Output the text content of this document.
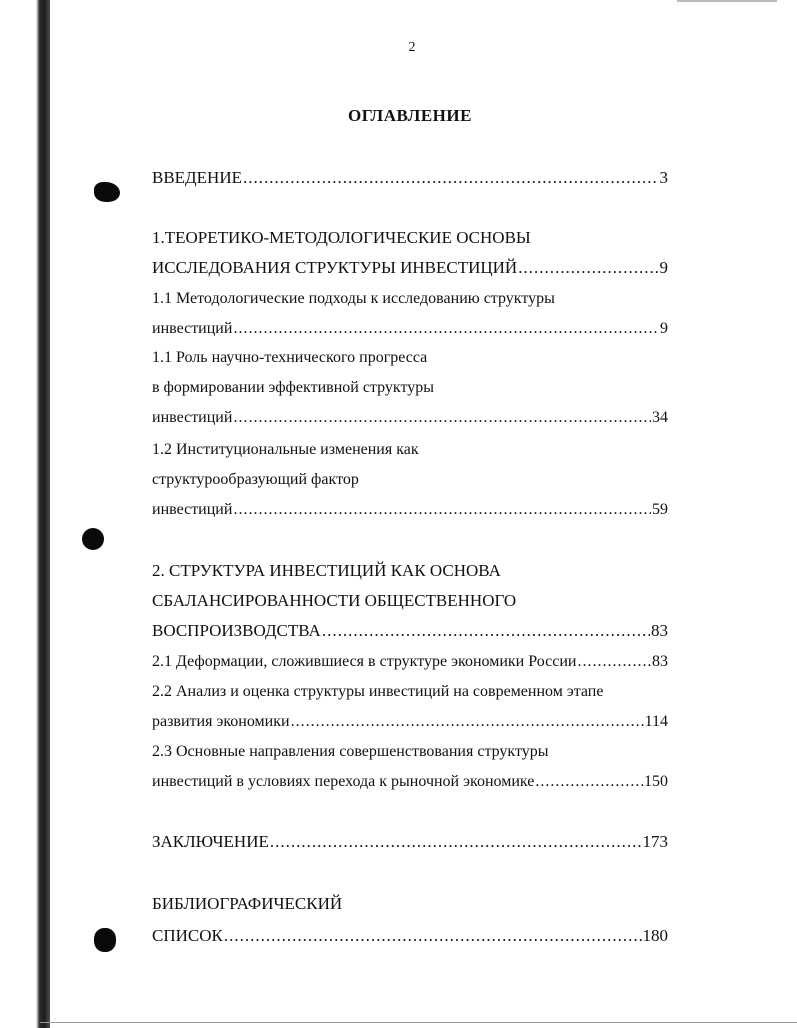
2
ОГЛАВЛЕНИЕ
ВВЕДЕНИЕ .....	3
1.ТЕОРЕТИКО-МЕТОДОЛОГИЧЕСКИЕ ОСНОВЫ
ИССЛЕДОВАНИЯ СТРУКТУРЫ ИНВЕСТИЦИЙ .....	9
1.1 Методологические подходы к исследованию структуры
инвестиций .....	9
1.1 Роль научно-технического прогресса
в формировании эффективной структуры
инвестиций .....	34
1.2 Институциональные изменения как
структурообразующий фактор
инвестиций .....	59
2. СТРУКТУРА ИНВЕСТИЦИЙ КАК ОСНОВА
СБАЛАНСИРОВАННОСТИ ОБЩЕСТВЕННОГО
ВОСПРОИЗВОДСТВА .....	83
2.1 Деформации, сложившиеся в структуре экономики России .....	83
2.2 Анализ и оценка структуры инвестиций на современном этапе
развития экономики .....	114
2.3 Основные направления совершенствования структуры
инвестиций в условиях перехода к рыночной экономике .....	150
ЗАКЛЮЧЕНИЕ .....	173
БИБЛИОГРАФИЧЕСКИЙ
СПИСОК .....	180
